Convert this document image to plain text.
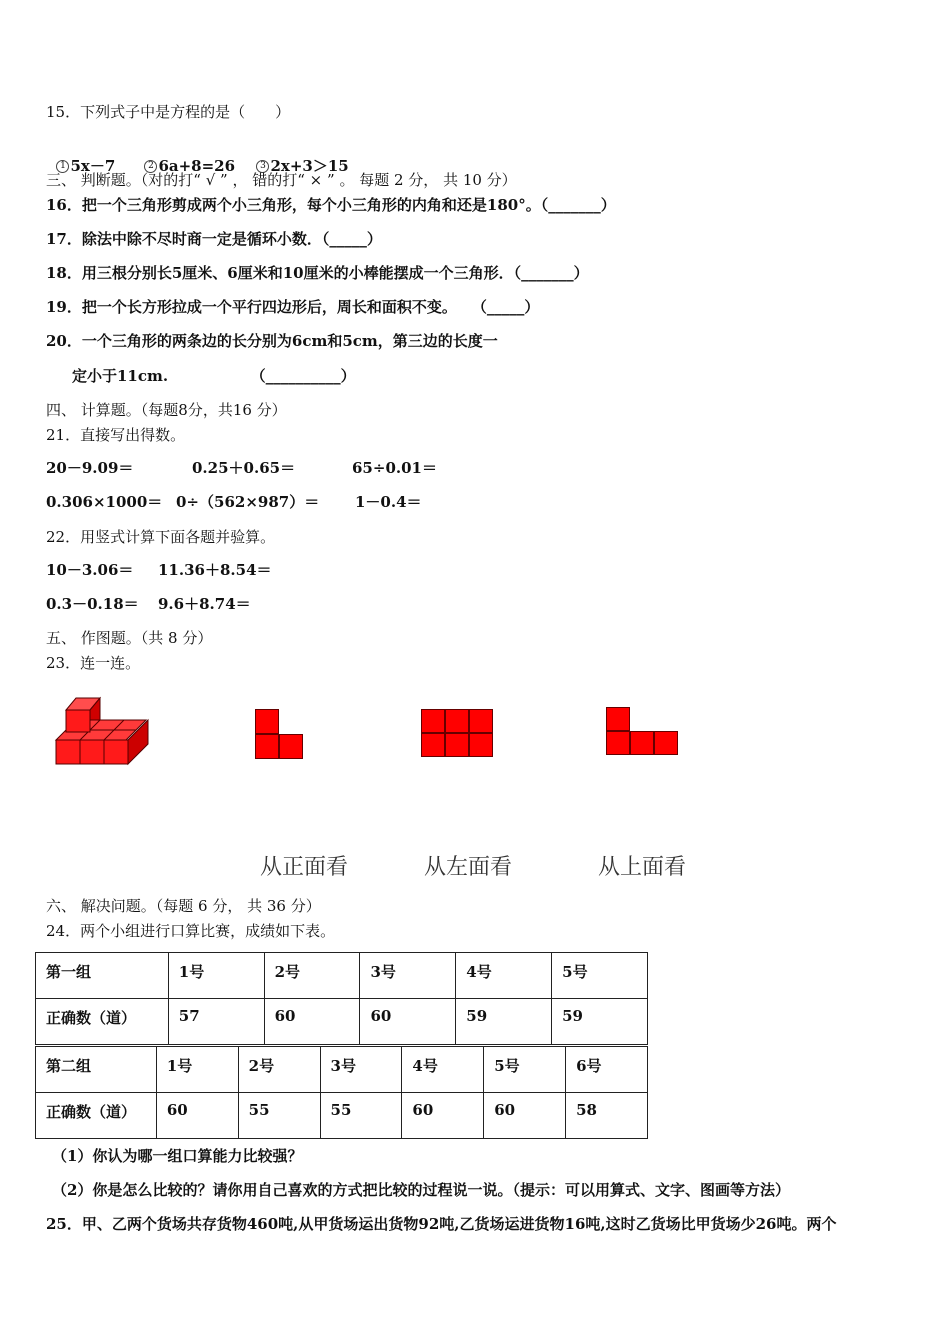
15．下列式子中是方程的是（　　）

1 5x－7	2 6a+8=26	3 2x+3＞15

三、 判断题。（对的打“ √ ” ， 错的打“ × ” 。 每题 2 分， 共 10 分）
16．把一个三角形剪成两个小三角形，每个小三角形的内角和还是180°。（_______）
17．除法中除不尽时商一定是循环小数．（_____）
18．用三根分别长5厘米、6厘米和10厘米的小棒能摆成一个三角形．（_______）
19．把一个长方形拉成一个平行四边形后，周长和面积不变。　　（_____）
20．一个三角形的两条边的长分别为6cm和5cm，第三边的长度一
定小于11cm.　　　　　　（__________）
四、 计算题。（每题8分，共16 分）
21．直接写出得数。
20－9.09＝	0.25＋0.65＝	65÷0.01＝
0.306×1000＝ 0÷（562×987）＝ 1－0.4＝
22．用竖式计算下面各题并验算。
10－3.06＝ 11.36＋8.54＝
0.3－0.18＝ 9.6＋8.74＝
五、 作图题。（共 8 分）
23．连一连。
从正面看	从左面看	从上面看
六、 解决问题。（每题 6 分， 共 36 分）
24．两个小组进行口算比赛，成绩如下表。
第一组	1号	2号	3号	4号	5号
正确数（道）	57	60	60	59	59
第二组	1号	2号	3号	4号	5号	6号
正确数（道）	60	55	55	60	60	58
（1）你认为哪一组口算能力比较强？
（2）你是怎么比较的？请你用自己喜欢的方式把比较的过程说一说。（提示：可以用算式、文字、图画等方法）
25．甲、乙两个货场共存货物460吨,从甲货场运出货物92吨,乙货场运进货物16吨,这时乙货场比甲货场少26吨。两个
